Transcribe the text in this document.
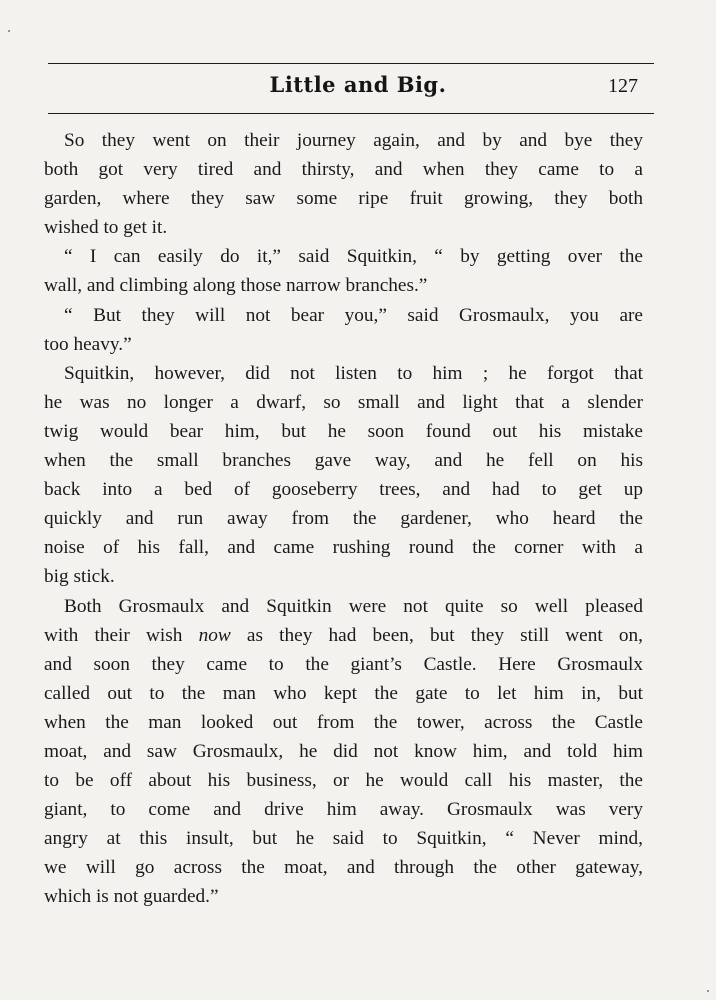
Little and Big.	127
So they went on their journey again, and by and bye they
both got very tired and thirsty, and when they came to a
garden, where they saw some ripe fruit growing, they both
wished to get it.
“ I can easily do it,” said Squitkin, “ by getting over the
wall, and climbing along those narrow branches.”
“ But they will not bear you,” said Grosmaulx, you are
too heavy.”
Squitkin, however, did not listen to him ; he forgot that
he was no longer a dwarf, so small and light that a slender
twig would bear him, but he soon found out his mistake
when the small branches gave way, and he fell on his
back into a bed of gooseberry trees, and had to get up
quickly and run away from the gardener, who heard the
noise of his fall, and came rushing round the corner with a
big stick.
Both Grosmaulx and Squitkin were not quite so well pleased
with their wish now as they had been, but they still went on,
and soon they came to the giant’s Castle. Here Grosmaulx
called out to the man who kept the gate to let him in, but
when the man looked out from the tower, across the Castle
moat, and saw Grosmaulx, he did not know him, and told him
to be off about his business, or he would call his master, the
giant, to come and drive him away. Grosmaulx was very
angry at this insult, but he said to Squitkin, “ Never mind,
we will go across the moat, and through the other gateway,
which is not guarded.”
